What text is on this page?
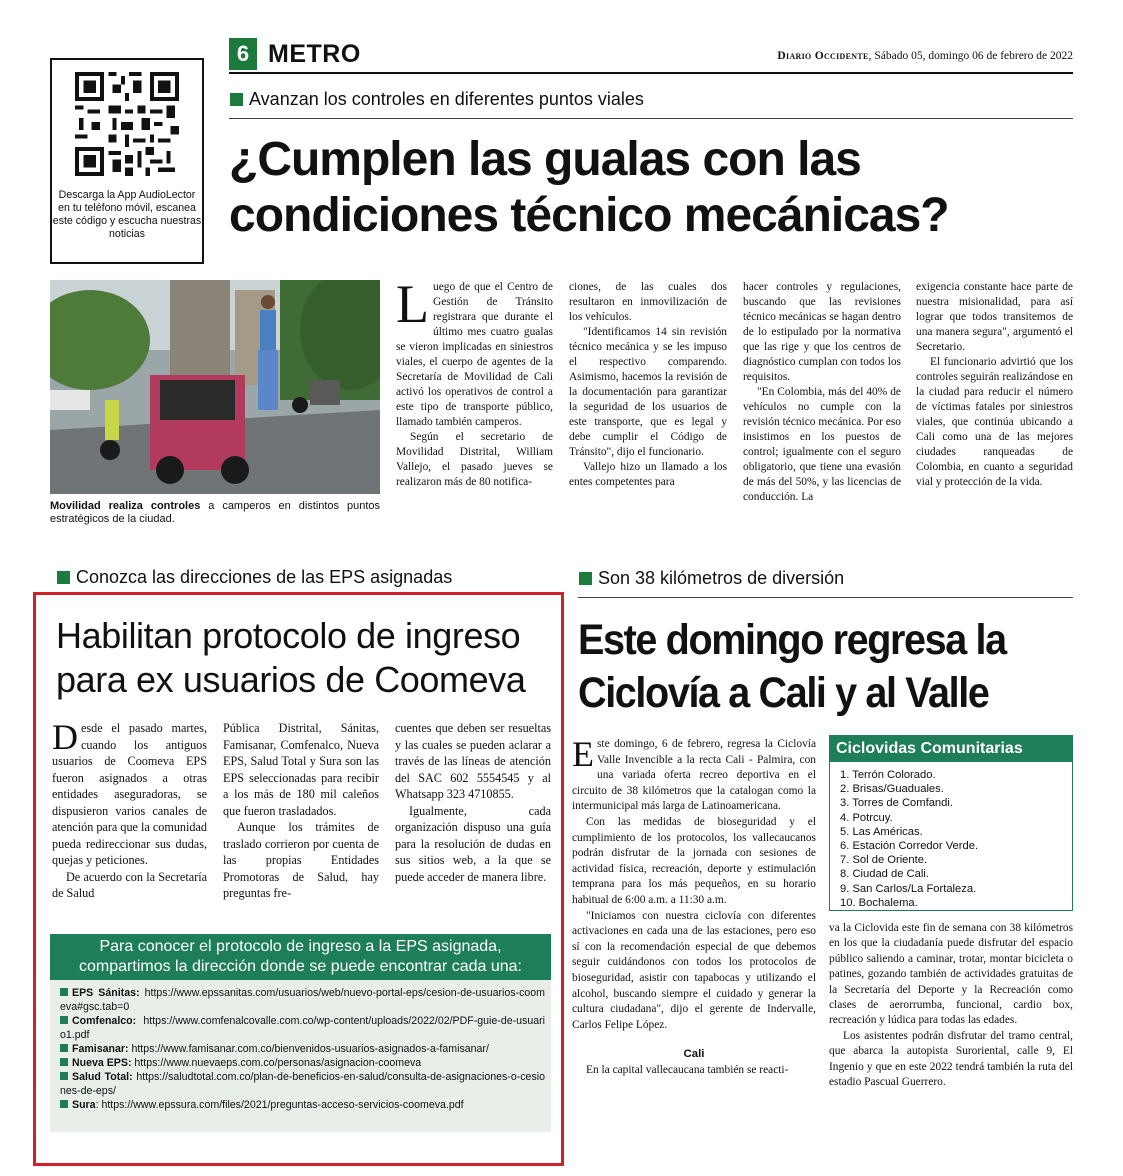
Descarga la App AudioLector en tu teléfono móvil, escanea este código y escucha nuestras noticias
6 METRO	Diario Occidente, Sábado 05, domingo 06 de febrero de 2022
Avanzan los controles en diferentes puntos viales
¿Cumplen las gualas con las condiciones técnico mecánicas?
Movilidad realiza controles a camperos en distintos puntos estratégicos de la ciudad.

Luego de que el Centro de Gestión de Tránsito registrara que durante el último mes cuatro gualas se vieron implicadas en siniestros viales, el cuerpo de agentes de la Secretaría de Movilidad de Cali activó los operativos de control a este tipo de transporte público, llamado también camperos.

Según el secretario de Movilidad Distrital, William Vallejo, el pasado jueves se realizaron más de 80 notifica-

ciones, de las cuales dos resultaron en inmovilización de los vehículos.

"Identificamos 14 sin revisión técnico mecánica y se les impuso el respectivo comparendo. Asimismo, hacemos la revisión de la documentación para garantizar la seguridad de los usuarios de este transporte, que es legal y debe cumplir el Código de Tránsito", dijo el funcionario.

Vallejo hizo un llamado a los entes competentes para

hacer controles y regulaciones, buscando que las revisiones técnico mecánicas se hagan dentro de lo estipulado por la normativa que las rige y que los centros de diagnóstico cumplan con todos los requisitos.

"En Colombia, más del 40% de vehículos no cumple con la revisión técnico mecánica. Por eso insistimos en los puestos de control; igualmente con el seguro obligatorio, que tiene una evasión de más del 50%, y las licencias de conducción. La

exigencia constante hace parte de nuestra misionalidad, para así lograr que todos transitemos de una manera segura", argumentó el Secretario.

El funcionario advirtió que los controles seguirán realizándose en la ciudad para reducir el número de víctimas fatales por siniestros viales, que continúa ubicando a Cali como una de las mejores ciudades ranqueadas de Colombia, en cuanto a seguridad vial y protección de la vida.

Conozca las direcciones de las EPS asignadas
Habilitan protocolo de ingreso para ex usuarios de Coomeva

Desde el pasado martes, cuando los antiguos usuarios de Coomeva EPS fueron asignados a otras entidades aseguradoras, se dispusieron varios canales de atención para que la comunidad pueda redireccionar sus dudas, quejas y peticiones.

De acuerdo con la Secretaría de Salud

Pública Distrital, Sánitas, Famisanar, Comfenalco, Nueva EPS, Salud Total y Sura son las EPS seleccionadas para recibir a los más de 180 mil caleños que fueron trasladados.

Aunque los trámites de traslado corrieron por cuenta de las propias Entidades Promotoras de Salud, hay preguntas fre-

cuentes que deben ser resueltas y las cuales se pueden aclarar a través de las líneas de atención del SAC 602 5554545 y al Whatsapp 323 4710855.

Igualmente, cada organización dispuso una guía para la resolución de dudas en sus sitios web, a la que se puede acceder de manera libre.

Para conocer el protocolo de ingreso a la EPS asignada,
compartimos la dirección donde se puede encontrar cada una:
EPS Sánitas: https://www.epssanitas.com/usuarios/web/nuevo-portal-eps/cesion-de-usuarios-coomeva#gsc.tab=0
Comfenalco: https://www.comfenalcovalle.com.co/wp-content/uploads/2022/02/PDF-guie-de-usuario1.pdf
Famisanar: https://www.famisanar.com.co/bienvenidos-usuarios-asignados-a-famisanar/
Nueva EPS: https://www.nuevaeps.com.co/personas/asignacion-coomeva
Salud Total: https://saludtotal.com.co/plan-de-beneficios-en-salud/consulta-de-asignaciones-o-cesiones-de-eps/
Sura: https://www.epssura.com/files/2021/preguntas-acceso-servicios-coomeva.pdf
Son 38 kilómetros de diversión
Este domingo regresa la Ciclovía a Cali y al Valle

Este domingo, 6 de febrero, regresa la Ciclovía Valle Invencible a la recta Cali - Palmira, con una variada oferta recreo deportiva en el circuito de 38 kilómetros que la catalogan como la intermunicipal más larga de Latinoamericana.

Con las medidas de bioseguridad y el cumplimiento de los protocolos, los vallecaucanos podrán disfrutar de la jornada con sesiones de actividad física, recreación, deporte y estimulación temprana para los más pequeños, en su horario habitual de 6:00 a.m. a 11:30 a.m.

"Iniciamos con nuestra ciclovía con diferentes activaciones en cada una de las estaciones, pero eso sí con la recomendación especial de que debemos seguir cuidándonos con todos los protocolos de bioseguridad, asistir con tapabocas y utilizando el alcohol, buscando siempre el cuidado y generar la cultura ciudadana", dijo el gerente de Indervalle, Carlos Felipe López.

Cali

En la capital vallecaucana también se reacti-

Ciclovidas Comunitarias
1. Terrón Colorado.
2. Brisas/Guaduales.
3. Torres de Comfandi.
4. Potrcuy.
5. Las Américas.
6. Estación Corredor Verde.
7. Sol de Oriente.
8. Ciudad de Cali.
9. San Carlos/La Fortaleza.
10. Bochalema.

va la Ciclovida este fin de semana con 38 kilómetros en los que la ciudadanía puede disfrutar del espacio público saliendo a caminar, trotar, montar bicicleta o patines, gozando también de actividades gratuitas de la Secretaría del Deporte y la Recreación como clases de aerorrumba, funcional, cardio box, recreación y lúdica para todas las edades.

Los asistentes podrán disfrutar del tramo central, que abarca la autopista Suroriental, calle 9, El Ingenio y que en este 2022 tendrá también la ruta del estadio Pascual Guerrero.
